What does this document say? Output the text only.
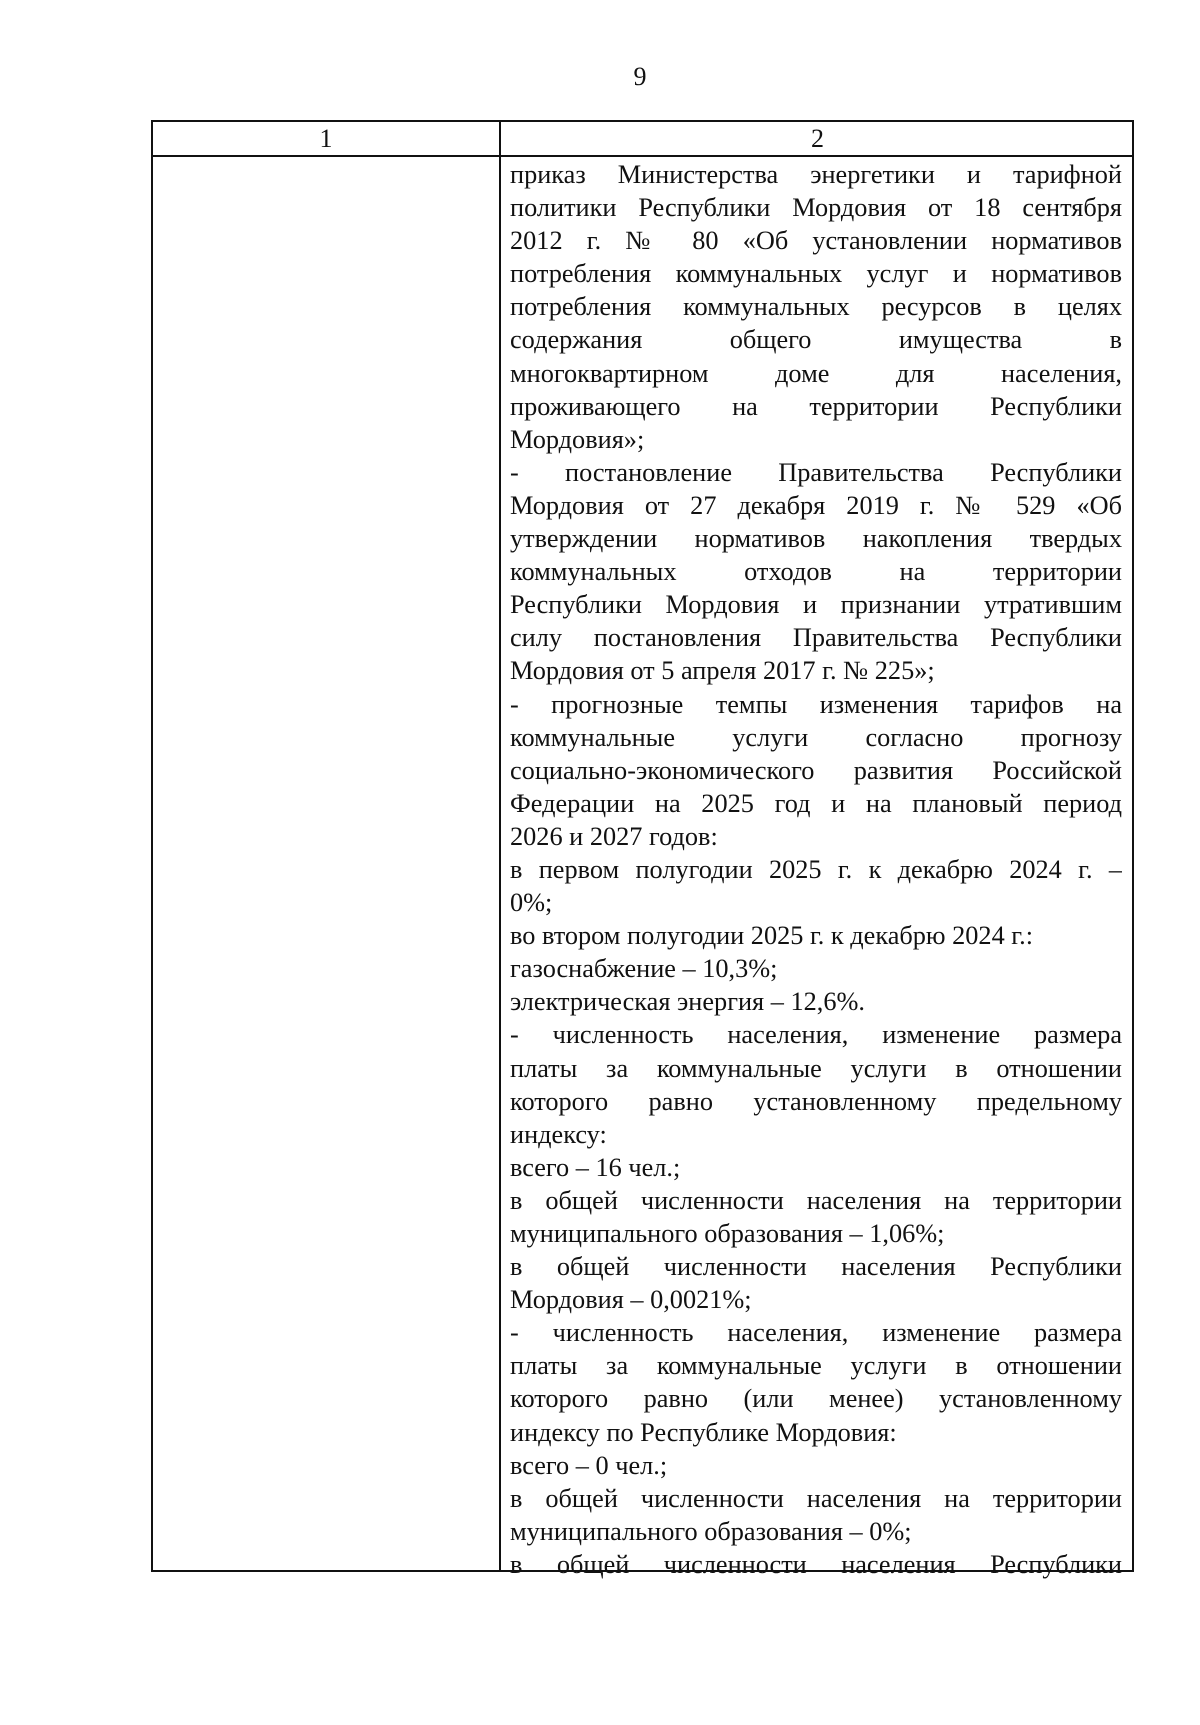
9
1	2
приказ Министерства энергетики и тарифной
политики Республики Мордовия от 18 сентября
2012 г. № 80 «Об установлении нормативов
потребления коммунальных услуг и нормативов
потребления коммунальных ресурсов в целях
содержания общего имущества в
многоквартирном доме для населения,
проживающего на территории Республики
Мордовия»;
- постановление Правительства Республики
Мордовия от 27 декабря 2019 г. № 529 «Об
утверждении нормативов накопления твердых
коммунальных отходов на территории
Республики Мордовия и признании утратившим
силу постановления Правительства Республики
Мордовия от 5 апреля 2017 г. № 225»;
- прогнозные темпы изменения тарифов на
коммунальные услуги согласно прогнозу
социально-экономического развития Российской
Федерации на 2025 год и на плановый период
2026 и 2027 годов:
в первом полугодии 2025 г. к декабрю 2024 г. –
0%;
во втором полугодии 2025 г. к декабрю 2024 г.:
газоснабжение – 10,3%;
электрическая энергия – 12,6%.
- численность населения, изменение размера
платы за коммунальные услуги в отношении
которого равно установленному предельному
индексу:
всего – 16 чел.;
в общей численности населения на территории
муниципального образования – 1,06%;
в общей численности населения Республики
Мордовия – 0,0021%;
- численность населения, изменение размера
платы за коммунальные услуги в отношении
которого равно (или менее) установленному
индексу по Республике Мордовия:
всего – 0 чел.;
в общей численности населения на территории
муниципального образования – 0%;
в общей численности населения Республики
